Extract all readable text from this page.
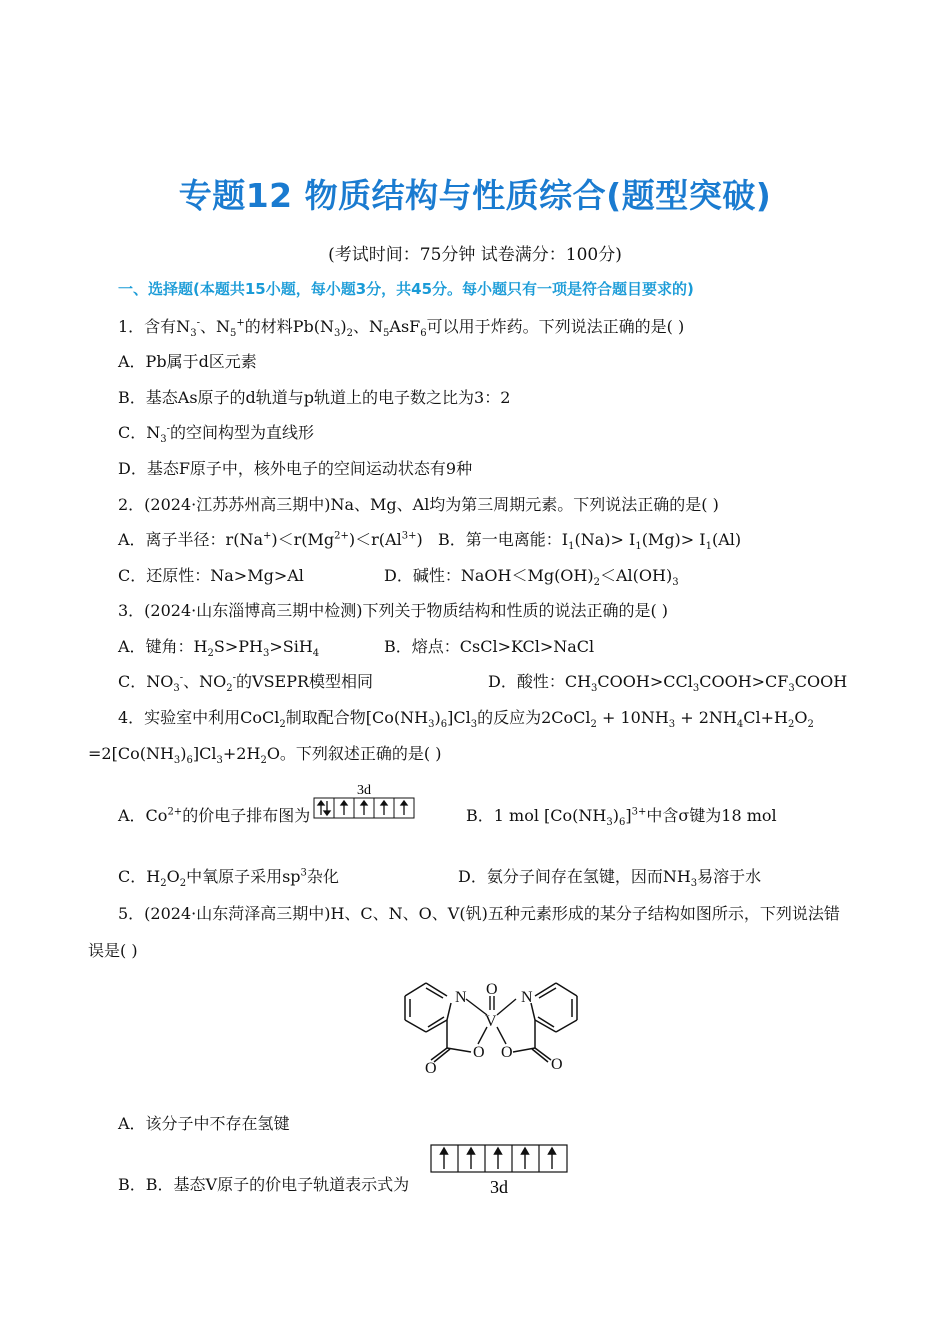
专题12 物质结构与性质综合(题型突破)
(考试时间：75分钟 试卷满分：100分)
一、选择题(本题共15小题，每小题3分，共45分。每小题只有一项是符合题目要求的)
1．含有$N_3^-$、$N_5^+$的材料$Pb(N_3)_2$、$N_5AsF_6$可以用于炸药。下列说法正确的是( )
A．Pb属于d区元素
B．基态As原子的d轨道与p轨道上的电子数之比为3：2
C．$N_3^-$的空间构型为直线形
D．基态F原子中，核外电子的空间运动状态有9种
2．(2024·江苏苏州高三期中)Na、Mg、Al均为第三周期元素。下列说法正确的是( )
A．离子半径：$r(Na^+)<r(Mg^{2+})<r(Al^{3+})$ B．第一电离能：$I_1(Na)> I_1(Mg)> I_1(Al)$
C．还原性：Na>Mg>Al	D．碱性：$NaOH<Mg(OH)_2<Al(OH)_3$
3．(2024·山东淄博高三期中检测)下列关于物质结构和性质的说法正确的是( )
A．键角：$H_2S>PH_3>SiH_4$	B．熔点：CsCl>KCl>NaCl
C．$NO_3^-$、$NO_2^-$的VSEPR模型相同	D．酸性：$CH_3COOH>CCl_3COOH>CF_3COOH$
4．实验室中利用CoCl$_2$制取配合物$[Co(NH_3)_6]Cl_3$的反应为2CoCl$_2$ + $10NH_3 + 2NH_4Cl+H_2O_2$
$=2[Co(NH_3)_6]Cl_3+2H_2O$。下列叙述正确的是( )
A．$Co^{2+}$的价电子排布图为
3d
B．1 mol $[Co(NH_3)_6]^{3+}$中含σ键为18 mol
C．$H_2O_2$中氧原子采用$sp^3$杂化	D．氨分子间存在氢键，因而$NH_3$易溶于水
5．(2024·山东菏泽高三期中)H、C、N、O、V(钒)五种元素形成的某分子结构如图所示，下列说法错
误是( )
N	N
V
O
O O
O	O
A．该分子中不存在氢键
B．B．基态V原子的价电子轨道表示式为	3d
